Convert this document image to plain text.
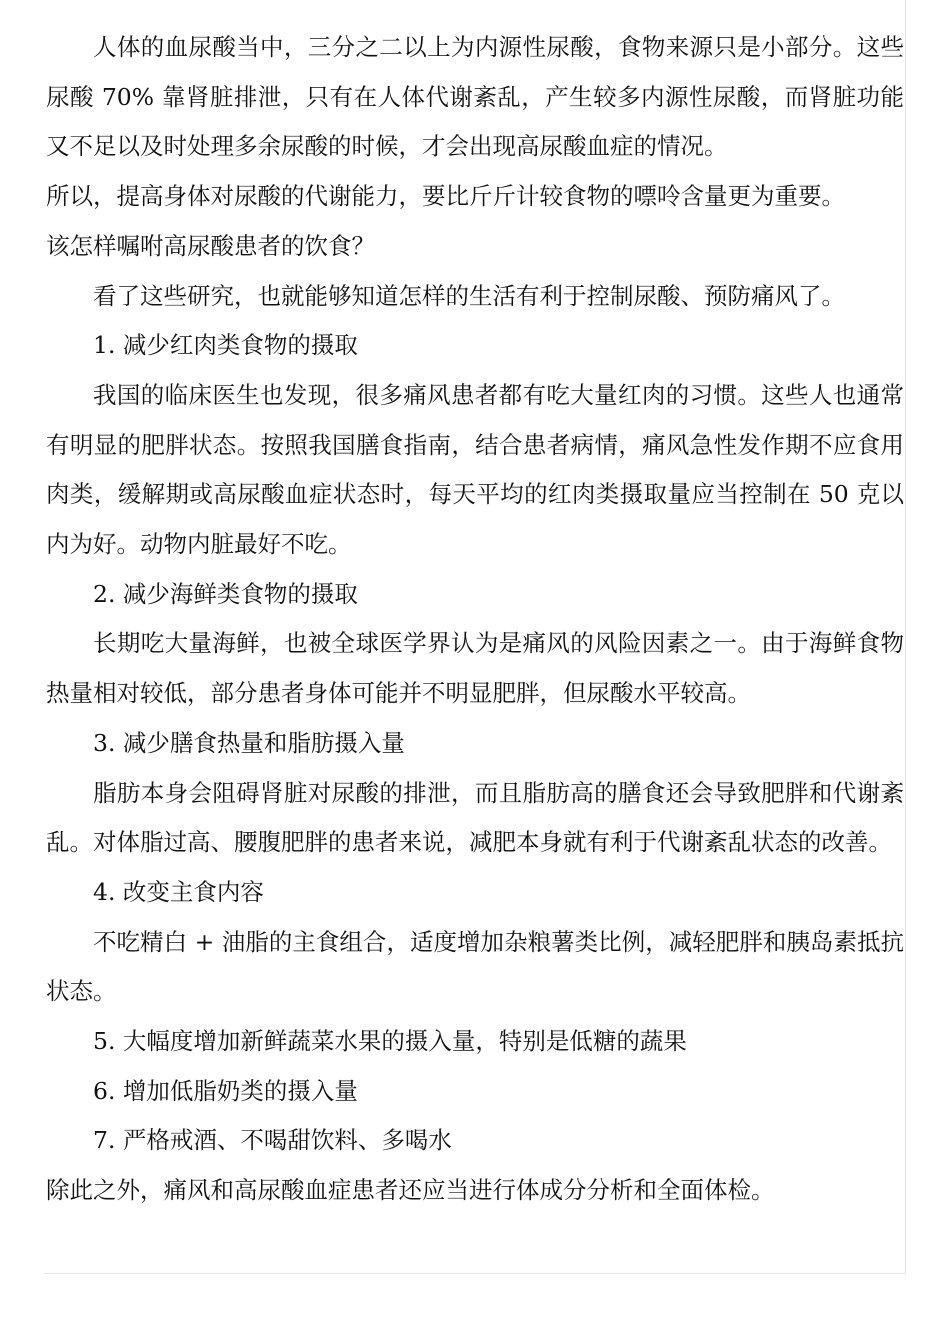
人体的血尿酸当中，三分之二以上为内源性尿酸，食物来源只是小部分。这些尿酸 70% 靠肾脏排泄，只有在人体代谢紊乱，产生较多内源性尿酸，而肾脏功能又不足以及时处理多余尿酸的时候，才会出现高尿酸血症的情况。

所以，提高身体对尿酸的代谢能力，要比斤斤计较食物的嘌呤含量更为重要。

该怎样嘱咐高尿酸患者的饮食？

看了这些研究，也就能够知道怎样的生活有利于控制尿酸、预防痛风了。

1. 减少红肉类食物的摄取

我国的临床医生也发现，很多痛风患者都有吃大量红肉的习惯。这些人也通常有明显的肥胖状态。按照我国膳食指南，结合患者病情，痛风急性发作期不应食用肉类，缓解期或高尿酸血症状态时，每天平均的红肉类摄取量应当控制在 50 克以内为好。动物内脏最好不吃。

2. 减少海鲜类食物的摄取

长期吃大量海鲜，也被全球医学界认为是痛风的风险因素之一。由于海鲜食物热量相对较低，部分患者身体可能并不明显肥胖，但尿酸水平较高。

3. 减少膳食热量和脂肪摄入量

脂肪本身会阻碍肾脏对尿酸的排泄，而且脂肪高的膳食还会导致肥胖和代谢紊乱。对体脂过高、腰腹肥胖的患者来说，减肥本身就有利于代谢紊乱状态的改善。

4. 改变主食内容

不吃精白 + 油脂的主食组合，适度增加杂粮薯类比例，减轻肥胖和胰岛素抵抗状态。

5. 大幅度增加新鲜蔬菜水果的摄入量，特别是低糖的蔬果

6. 增加低脂奶类的摄入量

7. 严格戒酒、不喝甜饮料、多喝水

除此之外，痛风和高尿酸血症患者还应当进行体成分分析和全面体检。
